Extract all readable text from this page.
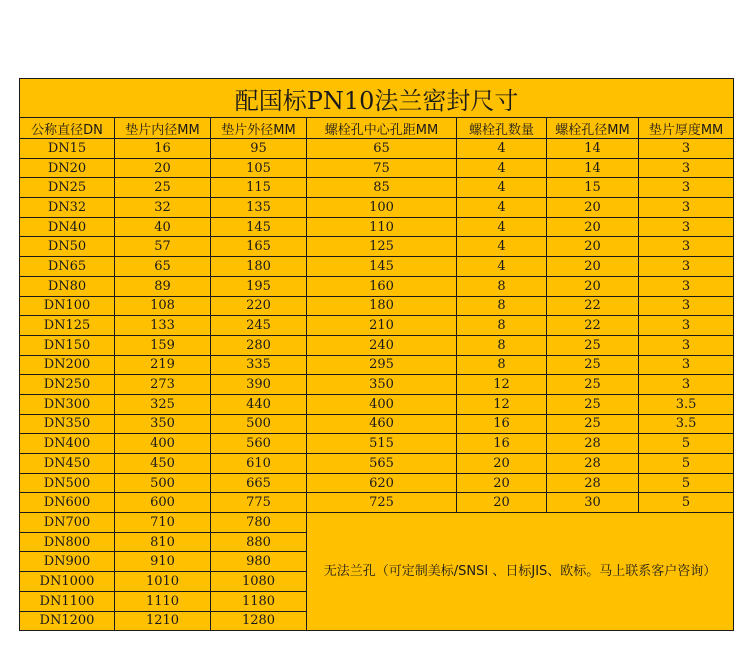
配国标PN10法兰密封尺寸						
公称直径DN	垫片内径MM	垫片外径MM	螺栓孔中心孔距MM	螺栓孔数量	螺栓孔径MM	垫片厚度MM
DN15	16	95	65	4	14	3
DN20	20	105	75	4	14	3
DN25	25	115	85	4	15	3
DN32	32	135	100	4	20	3
DN40	40	145	110	4	20	3
DN50	57	165	125	4	20	3
DN65	65	180	145	4	20	3
DN80	89	195	160	8	20	3
DN100	108	220	180	8	22	3
DN125	133	245	210	8	22	3
DN150	159	280	240	8	25	3
DN200	219	335	295	8	25	3
DN250	273	390	350	12	25	3
DN300	325	440	400	12	25	3.5
DN350	350	500	460	16	25	3.5
DN400	400	560	515	16	28	5
DN450	450	610	565	20	28	5
DN500	500	665	620	20	28	5
DN600	600	775	725	20	30	5
DN700	710	780	无法兰孔（可定制美标/SNSI 、日标JIS、欧标。马上联系客户咨询）			
DN800	810	880				
DN900	910	980				
DN1000	1010	1080				
DN1100	1110	1180				
DN1200	1210	1280				
